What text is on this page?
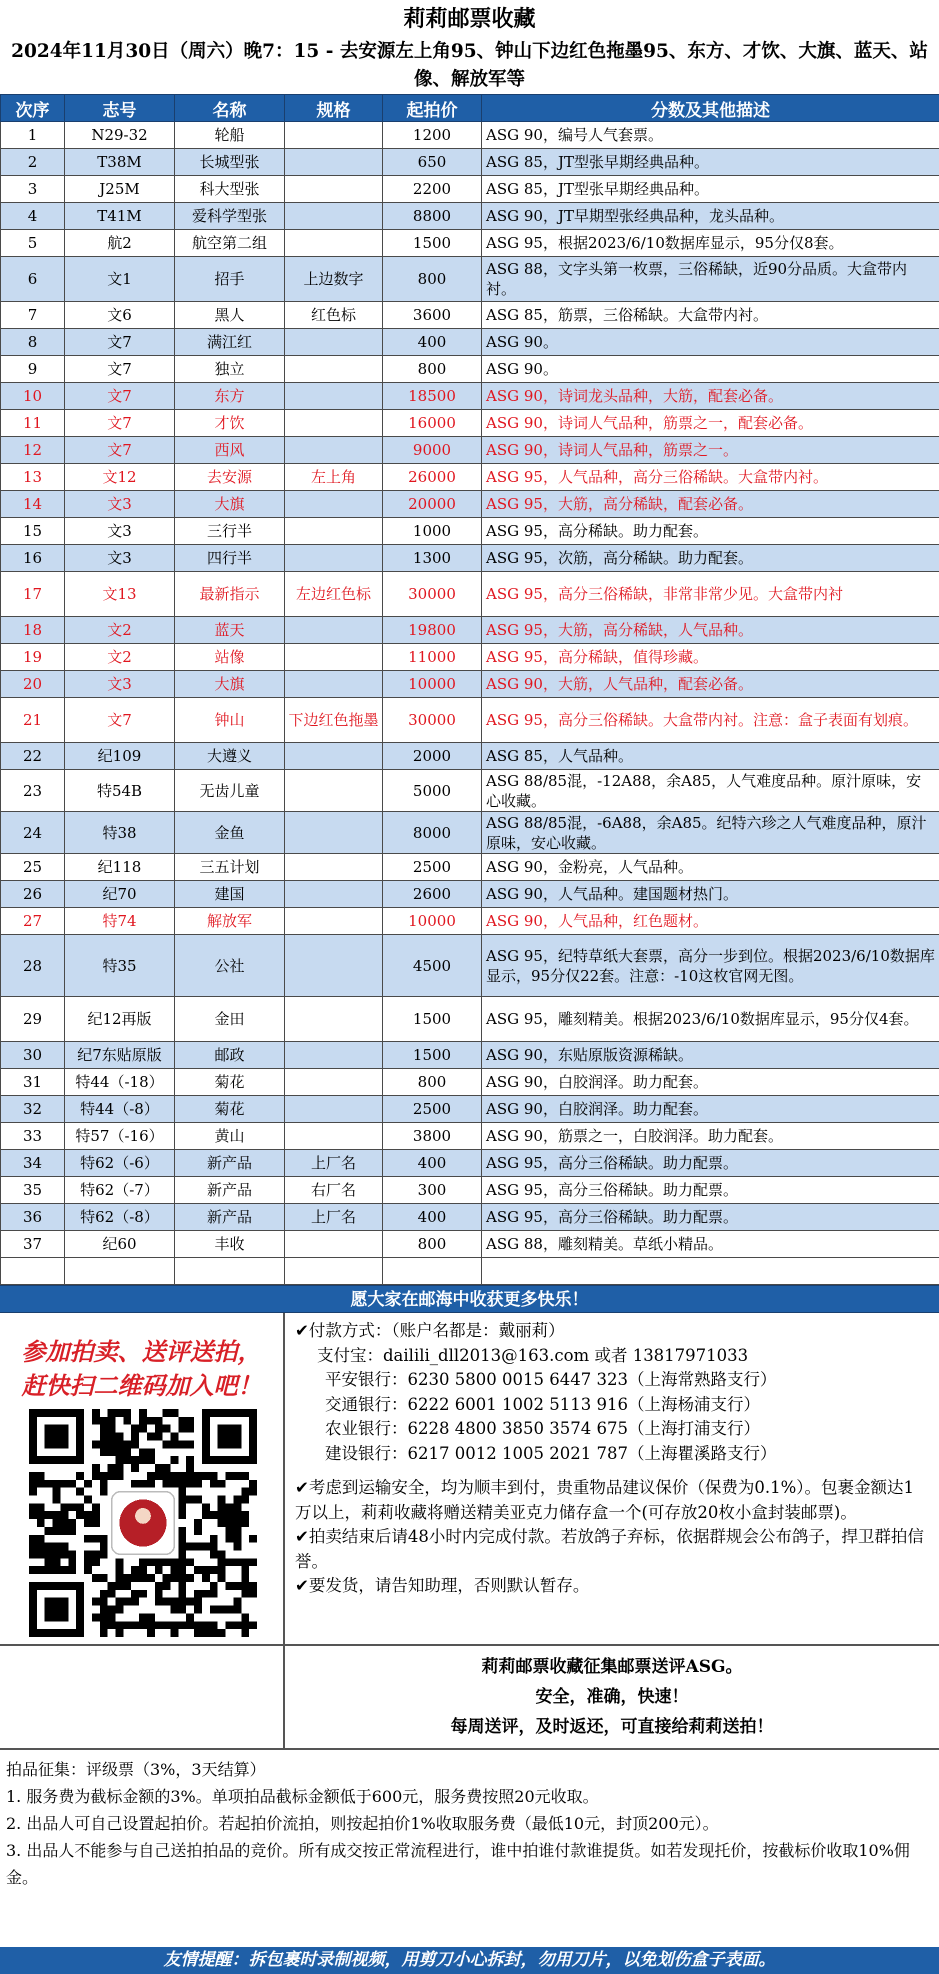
莉莉邮票收藏
2024年11月30日（周六）晚7：15 - 去安源左上角95、钟山下边红色拖墨95、东方、才饮、大旗、蓝天、站像、解放军等
次序	志号	名称	规格	起拍价	分数及其他描述
1	N29-32	轮船		1200	ASG 90，编号人气套票。
2	T38M	长城型张		650	ASG 85，JT型张早期经典品种。
3	J25M	科大型张		2200	ASG 85，JT型张早期经典品种。
4	T41M	爱科学型张		8800	ASG 90，JT早期型张经典品种，龙头品种。
5	航2	航空第二组		1500	ASG 95，根据2023/6/10数据库显示，95分仅8套。
6	文1	招手	上边数字	800	ASG 88，文字头第一枚票，三俗稀缺，近90分品质。大盒带内衬。
7	文6	黑人	红色标	3600	ASG 85，筋票，三俗稀缺。大盒带内衬。
8	文7	满江红		400	ASG 90。
9	文7	独立		800	ASG 90。
10	文7	东方		18500	ASG 90，诗词龙头品种，大筋，配套必备。
11	文7	才饮		16000	ASG 90，诗词人气品种，筋票之一，配套必备。
12	文7	西风		9000	ASG 90，诗词人气品种，筋票之一。
13	文12	去安源	左上角	26000	ASG 95，人气品种，高分三俗稀缺。大盒带内衬。
14	文3	大旗		20000	ASG 95，大筋，高分稀缺，配套必备。
15	文3	三行半		1000	ASG 95，高分稀缺。助力配套。
16	文3	四行半		1300	ASG 95，次筋，高分稀缺。助力配套。
17	文13	最新指示	左边红色标	30000	ASG 95，高分三俗稀缺，非常非常少见。大盒带内衬
18	文2	蓝天		19800	ASG 95，大筋，高分稀缺，人气品种。
19	文2	站像		11000	ASG 95，高分稀缺，值得珍藏。
20	文3	大旗		10000	ASG 90，大筋，人气品种，配套必备。
21	文7	钟山	下边红色拖墨	30000	ASG 95，高分三俗稀缺。大盒带内衬。注意：盒子表面有划痕。
22	纪109	大遵义		2000	ASG 85，人气品种。
23	特54B	无齿儿童		5000	ASG 88/85混，-12A88，余A85，人气难度品种。原汁原味，安心收藏。
24	特38	金鱼		8000	ASG 88/85混，-6A88，余A85。纪特六珍之人气难度品种，原汁原味，安心收藏。
25	纪118	三五计划		2500	ASG 90，金粉亮，人气品种。
26	纪70	建国		2600	ASG 90，人气品种。建国题材热门。
27	特74	解放军		10000	ASG 90，人气品种，红色题材。
28	特35	公社		4500	ASG 95，纪特草纸大套票，高分一步到位。根据2023/6/10数据库显示，95分仅22套。注意：-10这枚官网无图。
29	纪12再版	金田		1500	ASG 95，雕刻精美。根据2023/6/10数据库显示，95分仅4套。
30	纪7东贴原版	邮政		1500	ASG 90，东贴原版资源稀缺。
31	特44（-18）	菊花		800	ASG 90，白胶润泽。助力配套。
32	特44（-8）	菊花		2500	ASG 90，白胶润泽。助力配套。
33	特57（-16）	黄山		3800	ASG 90，筋票之一，白胶润泽。助力配套。
34	特62（-6）	新产品	上厂名	400	ASG 95，高分三俗稀缺。助力配票。
35	特62（-7）	新产品	右厂名	300	ASG 95，高分三俗稀缺。助力配票。
36	特62（-8）	新产品	上厂名	400	ASG 95，高分三俗稀缺。助力配票。
37	纪60	丰收		800	ASG 88，雕刻精美。草纸小精品。

愿大家在邮海中收获更多快乐！
参加拍卖、送评送拍，
赶快扫二维码加入吧！
✔付款方式：（账户名都是：戴丽莉）
支付宝：dailili_dll2013@163.com 或者 13817971033
平安银行：6230 5800 0015 6447 323（上海常熟路支行）
交通银行：6222 6001 1002 5113 916（上海杨浦支行）
农业银行：6228 4800 3850 3574 675（上海打浦支行）
建设银行：6217 0012 1005 2021 787（上海瞿溪路支行）
✔考虑到运输安全，均为顺丰到付，贵重物品建议保价（保费为0.1%）。包裹金额达1万以上，莉莉收藏将赠送精美亚克力储存盒一个(可存放20枚小盒封装邮票)。
✔拍卖结束后请48小时内完成付款。若放鸽子弃标，依据群规会公布鸽子，捍卫群拍信誉。
✔要发货，请告知助理，否则默认暂存。
莉莉邮票收藏征集邮票送评ASG。
安全，准确，快速！
每周送评，及时返还，可直接给莉莉送拍！
拍品征集：评级票（3%，3天结算）
1. 服务费为截标金额的3%。单项拍品截标金额低于600元，服务费按照20元收取。
2. 出品人可自己设置起拍价。若起拍价流拍，则按起拍价1%收取服务费（最低10元，封顶200元）。
3. 出品人不能参与自己送拍拍品的竞价。所有成交按正常流程进行，谁中拍谁付款谁提货。如若发现托价，按截标价收取10%佣金。
友情提醒：拆包裹时录制视频，用剪刀小心拆封，勿用刀片，以免划伤盒子表面。
